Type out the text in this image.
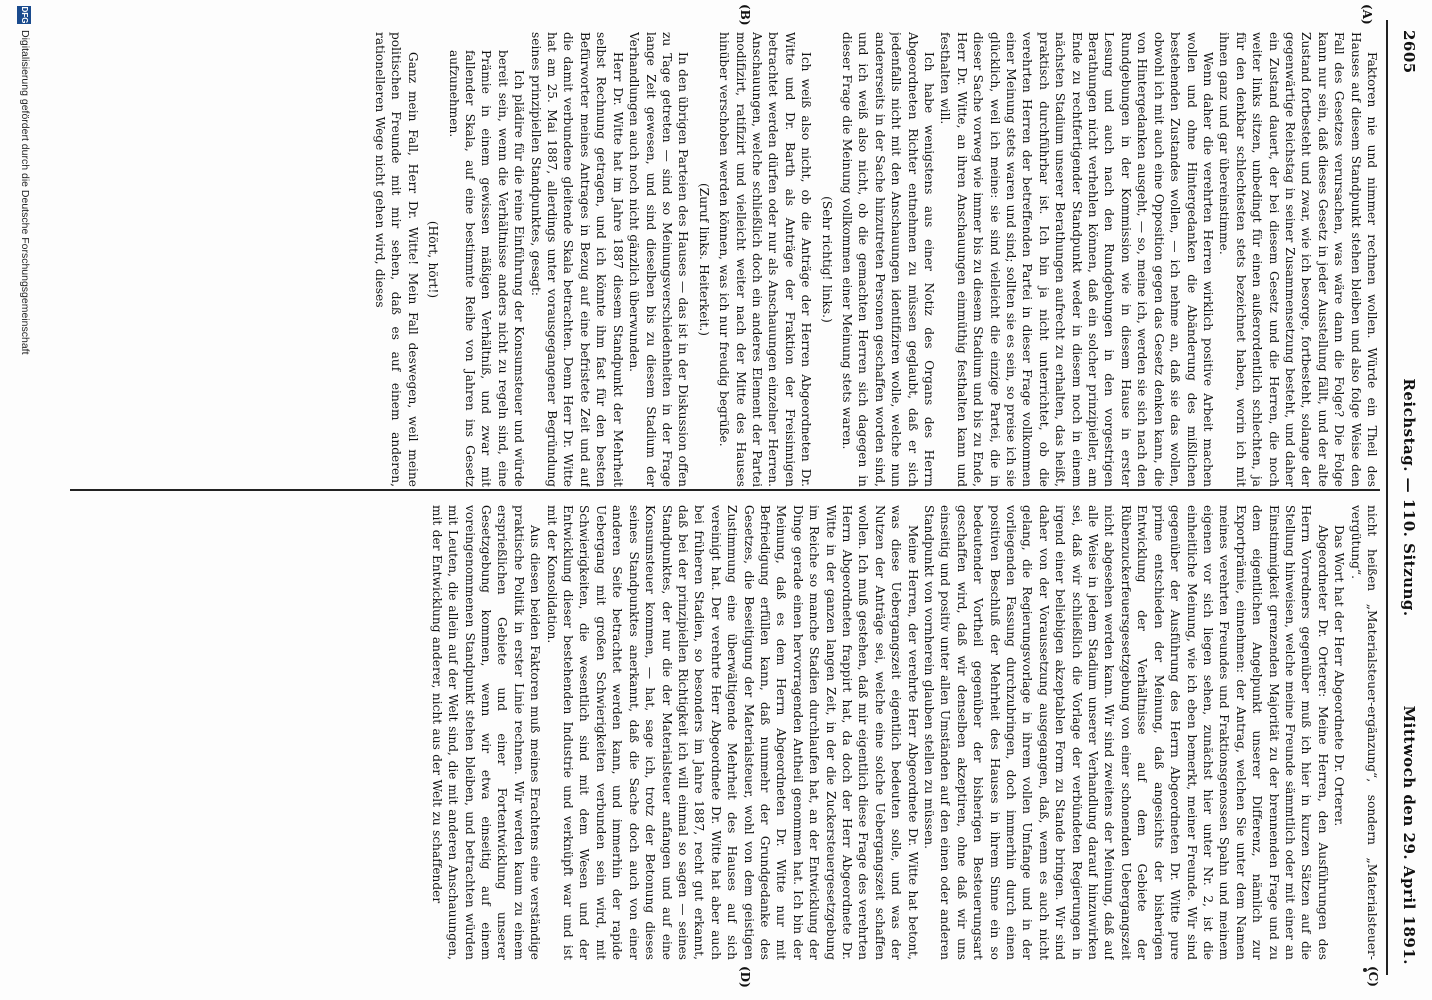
2605
Reichstag. — 110. Sitzung.
Mittwoch den 29. April 1891.
(A)
(B)
(C)
(D)

Faktoren nie und nimmer rechnen wollen. Würde ein Theil des Hauses auf diesem Standpunkt stehen bleiben und also folge Weise den Fall des Gesetzes verursachen, was wäre dann die Folge? Die Folge kann nur sein, daß dieses Gesetz in jeder Ausstellung fällt, und der alte Zustand fortbesteht und zwar, wie ich besorge, fortbesteht, solange der gegenwärtige Reichstag in seiner Zusammensetzung besteht, und daher ein Zustand dauert, der bei diesem Gesetz und die Herren, die noch weiter links sitzen, unbedingt für einen außerordentlich schlechten, ja für den denkbar schlechtesten stets bezeichnet haben, worin ich mit ihnen ganz und gar übereinstimme.

Wenn daher die verehrten Herren wirklich positive Arbeit machen wollen und ohne Hintergedanken die Abänderung des mißlichen bestehenden Zustandes wollen, — ich nehme an, daß sie das wollen, obwohl ich mit auch eine Opposition gegen das Gesetz denken kann, die von Hintergedanken ausgeht, — so, meine ich, werden sie sich nach den Rundgebungen in der Kommission wie in diesem Hause in erster Lesung und auch nach den Rundgebungen in den vorgestrigen Berathungen nicht verhehlen können, daß ein solcher prinzipieller, am Ende zu rechtfertigender Standpunkt weder in diesem noch in einem nächsten Stadium unserer Berathungen aufrecht zu erhalten, das heißt, praktisch durchführbar ist. Ich bin ja nicht unterrichtet, ob die verehrten Herren der betreffenden Partei in dieser Frage vollkommen einer Meinung stets waren und sind; sollten sie es sein, so preise ich sie glücklich, weil ich meine: sie sind vielleicht die einzige Partei, die in dieser Sache vorweg wie immer bis zu diesem Stadium und bis zu Ende, Herr Dr. Witte, an ihren Anschauungen einmüthig festhalten kann und festhalten will.

Ich habe wenigstens aus einer Notiz des Organs des Herrn Abgeordneten Richter entnehmen zu müssen geglaubt, daß er sich jedenfalls nicht mit den Anschauungen identifiziren wolle, welche nun andererseits in der Sache hinzutreten Personen geschaffen worden sind, und ich weiß also nicht, ob die gemachten Herren sich dagegen in dieser Frage die Meinung vollkommen einer Meinung stets waren.

(Sehr richtig! links.)

Ich weiß also nicht, ob die Anträge der Herren Abgeordneten Dr. Witte und Dr. Barth als Anträge der Fraktion der Freisinnigen betrachtet werden dürfen oder nur als Anschauungen einzelner Herren. Anschauungen, welche schließlich doch ein anderes Element der Partei modifizirt, ratifizirt und vielleicht weiter nach der Mitte des Hauses hinüber verschoben werden können, was ich nur freudig begrüße.

(Zuruf links. Heiterkeit.)

In den übrigen Parteien des Hauses — das ist in der Diskussion offen zu Tage getreten — sind so Meinungsverschiedenheiten in der Frage lange Zeit gewesen, und sind dieselben bis zu diesem Stadium der Verhandlungen auch noch nicht gänzlich überwunden.

Herr Dr. Witte hat im Jahre 1887 diesem Standpunkt der Mehrheit selbst Rechnung getragen, und ich könnte ihm fast für den besten Befürworter meines Antrages in Bezug auf eine befristete Zeit und auf die damit verbundene gleitende Skala betrachten. Denn Herr Dr. Witte hat am 25. Mai 1887, allerdings unter vorausgegangener Begründung seines prinzipiellen Standpunktes, gesagt:

Ich plädire für die reine Einführung der Konsumsteuer und würde bereit sein, wenn die Verhältnisse anders nicht zu regeln sind, eine Prämie in einem gewissen mäßigen Verhältniß, und zwar mit fallender Skala, auf eine bestimmte Reihe von Jahren ins Gesetz aufzunehmen.

(Hört, hört!)

Ganz mein Fall, Herr Dr. Witte! Mein Fall deswegen, weil meine politischen Freunde mit mir sehen, daß es auf einem anderen, rationelleren Wege nicht gehen wird, dieses

nicht heißen „Materialsteuer-ergänzung“, sondern „Materialsteuer-vergütung“.

Das Wort hat der Herr Abgeordnete Dr. Orterer.

Abgeordneter Dr. Orterer: Meine Herren, den Ausführungen des Herrn Vorredners gegenüber muß ich hier in kurzen Sätzen auf die Stellung hinweisen, welche meine Freunde sämmtlich oder mit einer an Einstimmigkeit grenzenden Majorität zu der brennenden Frage und zu dem eigentlichen Angelpunkt unserer Differenz, nämlich zur Exportprämie, einnehmen: der Antrag, welchen Sie unter dem Namen meines verehrten Freundes und Fraktionsgenossen Spahn und meinem eigenen vor sich liegen sehen, zunächst hier unter Nr. 2, ist die einheitliche Meinung, wie ich eben bemerkt, meiner Freunde. Wir sind gegenüber der Ausführung des Herrn Abgeordneten Dr. Witte pure prime entschieden der Meinung, daß angesichts der bisherigen Entwicklung der Verhältnisse auf dem Gebiete der Rübenzuckerfeuersgesetzgebung von einer schonenden Uebergangszeit nicht abgesehen werden kann. Wir sind zweitens der Meinung, daß auf alle Weise in jedem Stadium unserer Verhandlung darauf hinzuwirken sei, daß wir schließlich die Vorlage der verbündeten Regierungen in irgend einer beliebigen akzeptablen Form zu Stande bringen. Wir sind daher von der Voraussetzung ausgegangen, daß, wenn es auch nicht gelang, die Regierungsvorlage in ihrem vollen Umfange und in der vorliegenden Fassung durchzubringen, doch immerhin durch einen positiven Beschluß der Mehrheit des Hauses in ihrem Sinne ein so bedeutender Vortheil gegenüber der bisherigen Besteuerungsart geschaffen wird, daß wir denselben akzeptiren, ohne daß wir uns einseitig und positiv unter allen Umständen auf den einen oder anderen Standpunkt von vornherein glauben stellen zu müssen.

Meine Herren, der verehrte Herr Abgeordnete Dr. Witte hat betont, was diese Uebergangszeit eigentlich bedeuten solle, und was der Nutzen der Anträge sei, welche eine solche Uebergangszeit schaffen wollen. Ich muß gestehen, daß mir eigentlich diese Frage des verehrten Herrn Abgeordneten frappirt hat, da doch der Herr Abgeordnete Dr. Witte in der ganzen langen Zeit, in der die Zuckersteuergesetzgebung im Reiche so manche Stadien durchlaufen hat, an der Entwicklung der Dinge gerade einen hervorragenden Antheil genommen hat. Ich bin der Meinung, daß es dem Herrn Abgeordneten Dr. Witte nur mit Befriedigung erfüllen kann, daß nunmehr der Grundgedanke des Gesetzes, die Beseitigung der Materialsteuer, wohl von dem geistigen Zustimmung eine überwältigende Mehrheit des Hauses auf sich vereinigt hat. Der verehrte Herr Abgeordnete Dr. Witte hat aber auch bei früheren Stadien, so besonders im Jahre 1887, recht gut erkannt, daß bei der prinzipiellen Richtigkeit ich will einmal so sagen — seines Standpunktes, der nur die der Materialsteuer anfangen und auf eine Konsumsteuer kommen, — hat, sage ich, trotz der Betonung dieses seines Standpunktes anerkannt, daß die Sache doch auch von einer anderen Seite betrachtet werden kann, und immerhin der rapide Uebergang mit großen Schwierigkeiten verbunden sein wird, mit Schwierigkeiten, die wesentlich sind mit dem Wesen und der Entwicklung dieser bestehenden Industrie und verknüpft war und ist mit der Konsolidation.

Aus diesen beiden Faktoren muß meines Erachtens eine verständige praktische Politik in erster Linie rechnen. Wir werden kaum zu einem ersprießlichen Gebiete und einer Fortentwicklung unserer Gesetzgebung kommen, wenn wir etwa einseitig auf einem voreingenommenen Standpunkt stehen bleiben, und betrachten würden mit Leuten, die allein auf der Welt sind, die mit anderen Anschauungen, mit der Entwicklung anderer, nicht aus der Welt zu schaffender

DFG
Digitalisierung gefördert durch die Deutsche Forschungsgemeinschaft
